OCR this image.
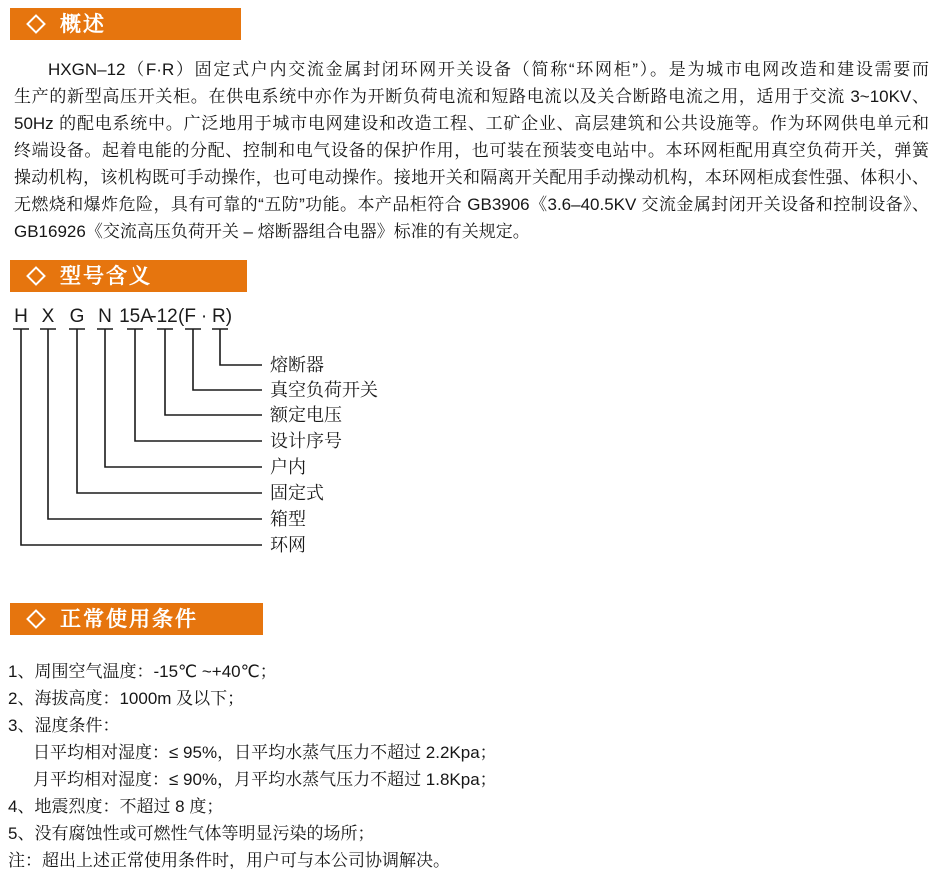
概述
HXGN–12（F·R）固定式户内交流金属封闭环网开关设备（简称“环网柜”）。是为城市电网改造和建设需要而
生产的新型高压开关柜。在供电系统中亦作为开断负荷电流和短路电流以及关合断路电流之用，适用于交流 3~10KV、
50Hz 的配电系统中。广泛地用于城市电网建设和改造工程、工矿企业、高层建筑和公共设施等。作为环网供电单元和
终端设备。起着电能的分配、控制和电气设备的保护作用，也可装在预装变电站中。本环网柜配用真空负荷开关，弹簧
操动机构，该机构既可手动操作，也可电动操作。接地开关和隔离开关配用手动操动机构，本环网柜成套性强、体积小、
无燃烧和爆炸危险，具有可靠的“五防”功能。本产品柜符合 GB3906《3.6–40.5KV 交流金属封闭开关设备和控制设备》、
GB16926《交流高压负荷开关 – 熔断器组合电器》标准的有关规定。
型号含义
H X G N 15A
-12 (F · R)
环网
箱型
固定式
户内
设计序号
额定电压
真空负荷开关
熔断器
正常使用条件
1、周围空气温度：-15℃ ~+40℃；
2、海拔高度：1000m 及以下；
3、湿度条件：
日平均相对湿度：≤ 95%，日平均水蒸气压力不超过 2.2Kpa；
月平均相对湿度：≤ 90%，月平均水蒸气压力不超过 1.8Kpa；
4、地震烈度：不超过 8 度；
5、没有腐蚀性或可燃性气体等明显污染的场所；
注：超出上述正常使用条件时，用户可与本公司协调解决。
